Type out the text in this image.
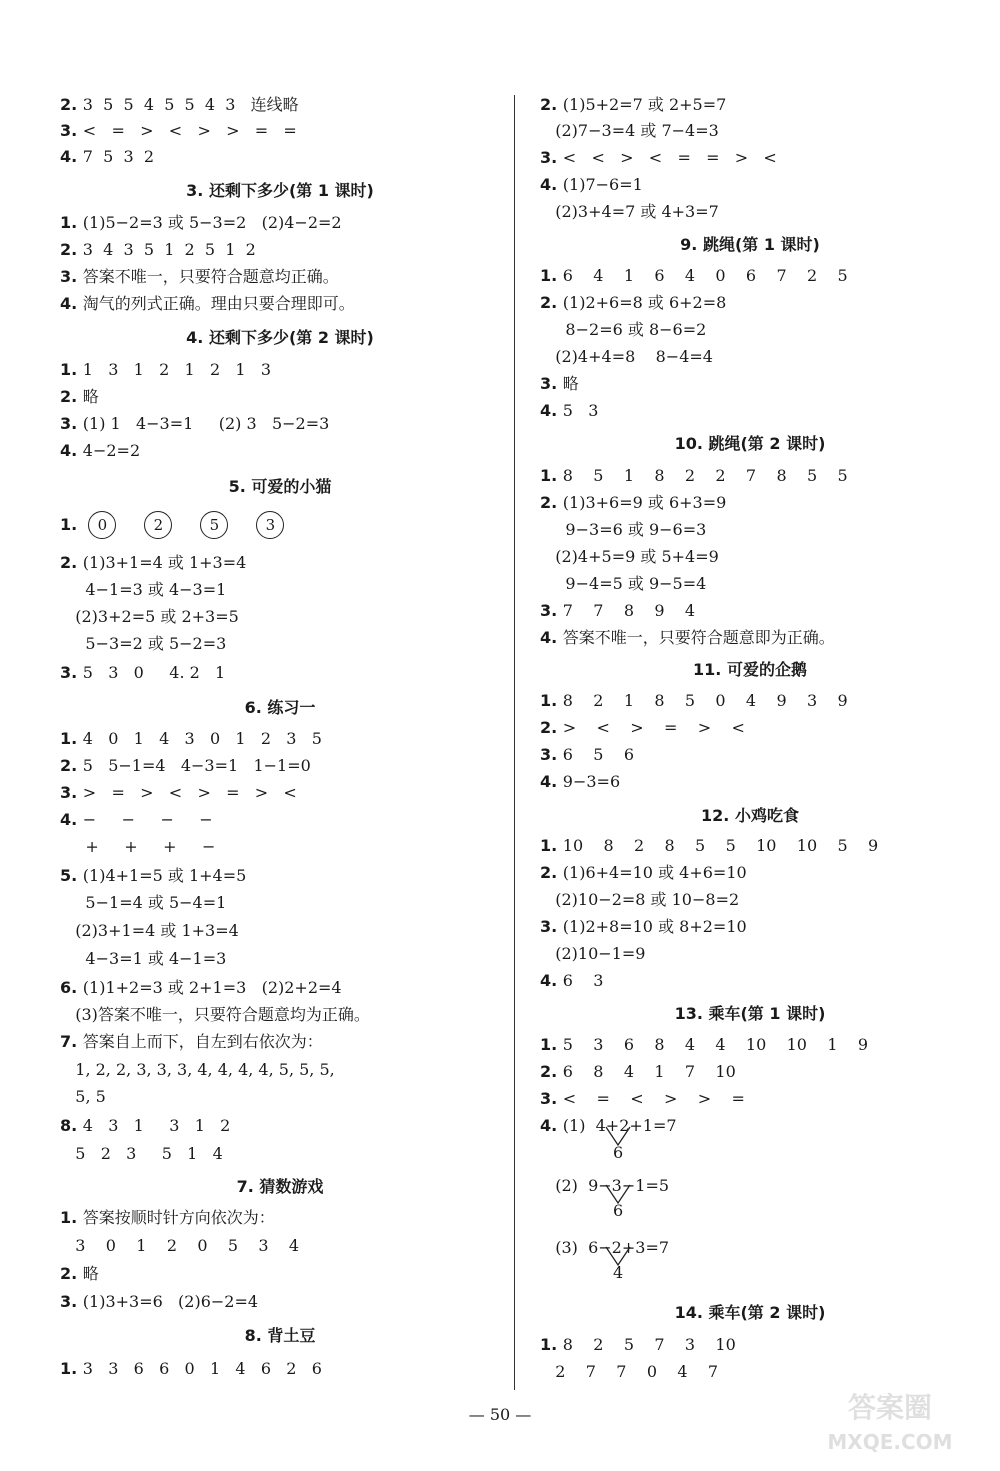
2. 3  5  5  4  5  5  4  3   连线略
3. <   =   >   <   >   >   =   =
4. 7  5  3  2
3. 还剩下多少(第 1 课时)
1. (1)5−2=3 或 5−3=2   (2)4−2=2
2. 3  4  3  5  1  2  5  1  2
3. 答案不唯一，只要符合题意均正确。
4. 淘气的列式正确。理由只要合理即可。
4. 还剩下多少(第 2 课时)
1. 1   3   1   2   1   2   1   3
2. 略
3. (1) 1   4−3=1     (2) 3   5−2=3
4. 4−2=2
5. 可爱的小猫
1.  0	2	5	3
2. (1)3+1=4 或 1+3=4
4−1=3 或 4−3=1
(2)3+2=5 或 2+3=5
5−3=2 或 5−2=3
3. 5   3   0     4. 2   1
6. 练习一
1. 4   0   1   4   3   0   1   2   3   5
2. 5   5−1=4   4−3=1   1−1=0
3. >   =   >   <   >   =   >   <
4. −     −     −     −
+     +     +     −
5. (1)4+1=5 或 1+4=5
5−1=4 或 5−4=1
(2)3+1=4 或 1+3=4
4−3=1 或 4−1=3
6. (1)1+2=3 或 2+1=3   (2)2+2=4
(3)答案不唯一，只要符合题意均为正确。
7. 答案自上而下，自左到右依次为：
1, 2, 2, 3, 3, 3, 4, 4, 4, 4, 5, 5, 5,
5, 5
8. 4   3   1     3   1   2
5   2   3     5   1   4
7. 猜数游戏
1. 答案按顺时针方向依次为：
3    0    1    2    0    5    3    4
2. 略
3. (1)3+3=6   (2)6−2=4
8. 背土豆
1. 3   3   6   6   0   1   4   6   2   6
2. (1)5+2=7 或 2+5=7
(2)7−3=4 或 7−4=3
3. <   <   >   <   =   =   >   <
4. (1)7−6=1
(2)3+4=7 或 4+3=7
9. 跳绳(第 1 课时)
1. 6    4    1    6    4    0    6    7    2    5
2. (1)2+6=8 或 6+2=8
8−2=6 或 8−6=2
(2)4+4=8    8−4=4
3. 略
4. 5   3
10. 跳绳(第 2 课时)
1. 8    5    1    8    2    2    7    8    5    5
2. (1)3+6=9 或 6+3=9
9−3=6 或 9−6=3
(2)4+5=9 或 5+4=9
9−4=5 或 9−5=4
3. 7    7    8    9    4
4. 答案不唯一，只要符合题意即为正确。
11. 可爱的企鹅
1. 8    2    1    8    5    0    4    9    3    9
2. >    <    >    =    >    <
3. 6    5    6
4. 9−3=6
12. 小鸡吃食
1. 10    8    2    8    5    5    10    10    5    9
2. (1)6+4=10 或 4+6=10
(2)10−2=8 或 10−8=2
3. (1)2+8=10 或 8+2=10
(2)10−1=9
4. 6    3
13. 乘车(第 1 课时)
1. 5    3    6    8    4    4    10    10    1    9
2. 6    8    4    1    7    10
3. <    =    <    >    >    =
4. (1)  4+2+1=7
6
(2)  9−3−1=5
6
(3)  6−2+3=7
4
14. 乘车(第 2 课时)
1. 8    2    5    7    3    10
2    7    7    0    4    7
— 50 —	答案圈
MXQE.COM
